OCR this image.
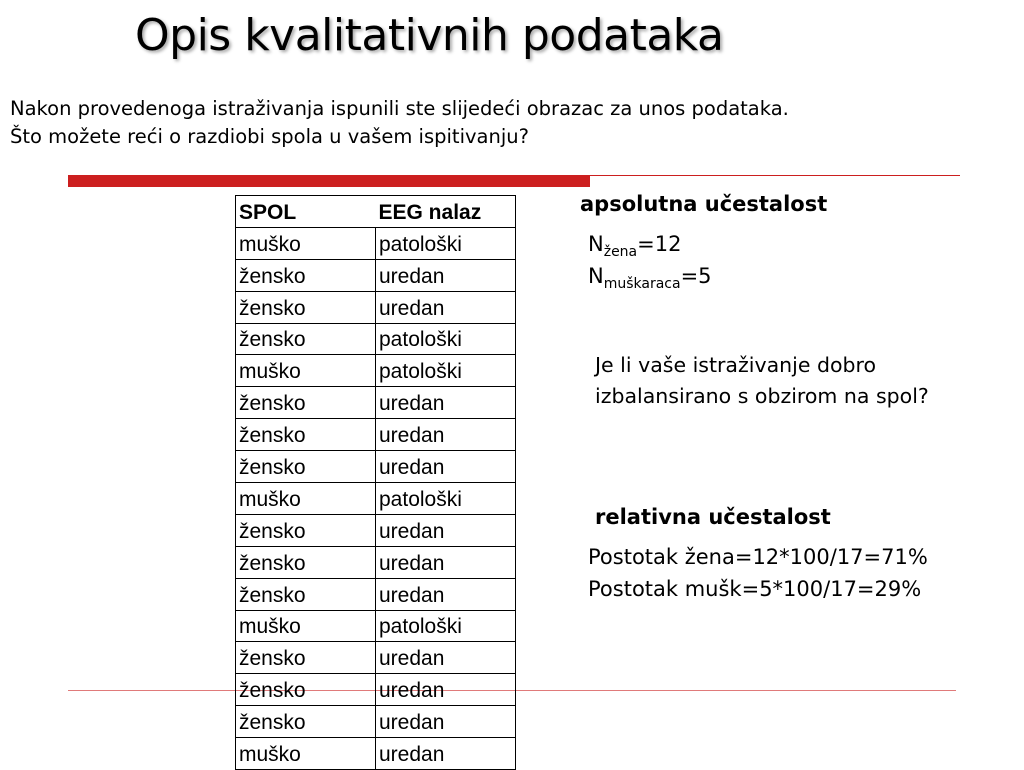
Opis kvalitativnih podataka
Nakon provedenoga istraživanja ispunili ste slijedeći obrazac za unos podataka.
Što možete reći o razdiobi spola u vašem ispitivanju?
SPOL	EEG nalaz
muško	patološki
žensko	uredan
žensko	uredan
žensko	patološki
muško	patološki
žensko	uredan
žensko	uredan
žensko	uredan
muško	patološki
žensko	uredan
žensko	uredan
žensko	uredan
muško	patološki
žensko	uredan
žensko	uredan
žensko	uredan
muško	uredan
apsolutna učestalost
$N_{žena}=12$
$N_{muškaraca}=5$
Je li vaše istraživanje dobro izbalansirano s obzirom na spol?
relativna učestalost
Postotak žena=12*100/17=71%
Postotak mušk=5*100/17=29%
